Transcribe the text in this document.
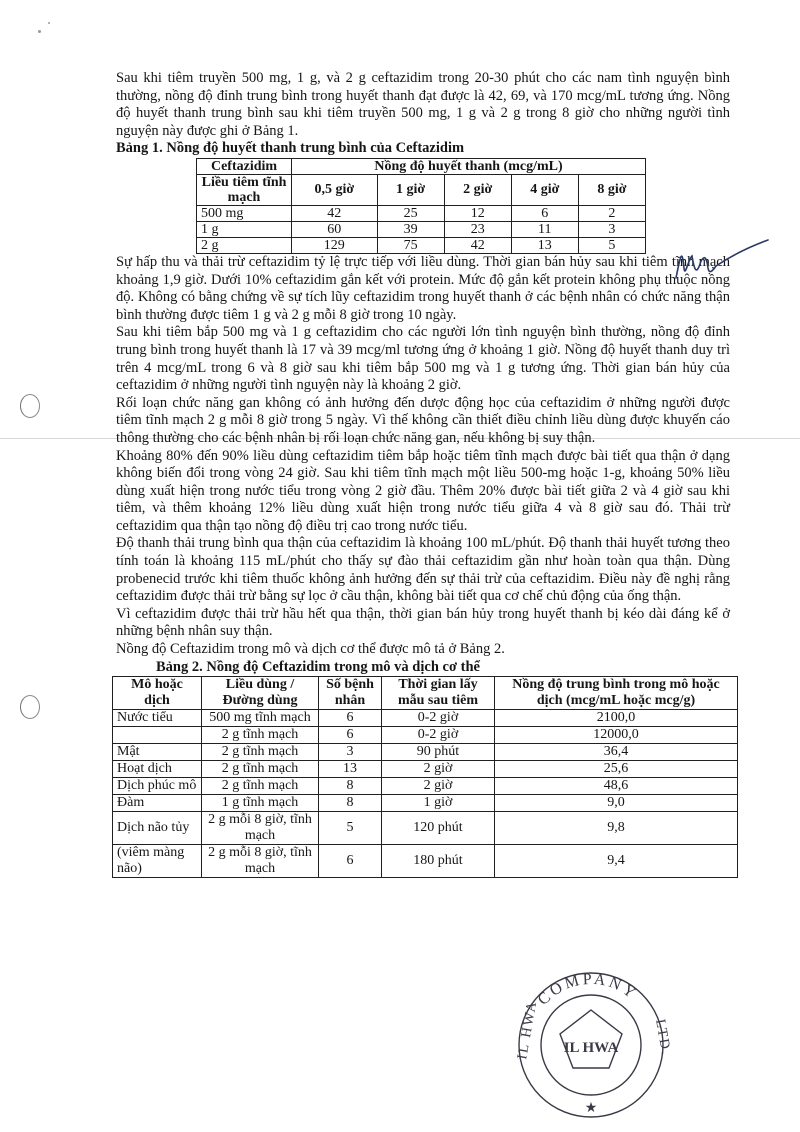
Sau khi tiêm truyền 500 mg, 1 g, và 2 g ceftazidim trong 20-30 phút cho các nam tình nguyện bình thường, nồng độ đỉnh trung bình trong huyết thanh đạt được là 42, 69, và 170 mcg/mL tương ứng. Nồng độ huyết thanh trung bình sau khi tiêm truyền 500 mg, 1 g và 2 g trong 8 giờ cho những người tình nguyện này được ghi ở Bảng 1.

Bảng 1. Nồng độ huyết thanh trung bình của Ceftazidim

Ceftazidim	Nồng độ huyết thanh (mcg/mL)				
Liều tiêm tĩnh mạch	0,5 giờ	1 giờ	2 giờ	4 giờ	8 giờ
500 mg	42	25	12	6	2
1 g	60	39	23	11	3
2 g	129	75	42	13	5

Sự hấp thu và thải trừ ceftazidim tỷ lệ trực tiếp với liều dùng. Thời gian bán hủy sau khi tiêm tĩnh mạch khoảng 1,9 giờ. Dưới 10% ceftazidim gắn kết với protein. Mức độ gắn kết protein không phụ thuộc nồng độ. Không có bằng chứng về sự tích lũy ceftazidim trong huyết thanh ở các bệnh nhân có chức năng thận bình thường được tiêm 1 g và 2 g mỗi 8 giờ trong 10 ngày.

Sau khi tiêm bắp 500 mg và 1 g ceftazidim cho các người lớn tình nguyện bình thường, nồng độ đỉnh trung bình trong huyết thanh là 17 và 39 mcg/ml tương ứng ở khoảng 1 giờ. Nồng độ huyết thanh duy trì trên 4 mcg/mL trong 6 và 8 giờ sau khi tiêm bắp 500 mg và 1 g tương ứng. Thời gian bán hủy của ceftazidim ở những người tình nguyện này là khoảng 2 giờ.

Rối loạn chức năng gan không có ảnh hưởng đến dược động học của ceftazidim ở những người được tiêm tĩnh mạch 2 g mỗi 8 giờ trong 5 ngày. Vì thế không cần thiết điều chỉnh liều dùng được khuyến cáo thông thường cho các bệnh nhân bị rối loạn chức năng gan, nếu không bị suy thận.

Khoảng 80% đến 90% liều dùng ceftazidim tiêm bắp hoặc tiêm tĩnh mạch được bài tiết qua thận ở dạng không biến đổi trong vòng 24 giờ. Sau khi tiêm tĩnh mạch một liều 500-mg hoặc 1-g, khoảng 50% liều dùng xuất hiện trong nước tiểu trong vòng 2 giờ đầu. Thêm 20% được bài tiết giữa 2 và 4 giờ sau khi tiêm, và thêm khoảng 12% liều dùng xuất hiện trong nước tiểu giữa 4 và 8 giờ sau đó. Thải trừ ceftazidim qua thận tạo nồng độ điều trị cao trong nước tiểu.

Độ thanh thải trung bình qua thận của ceftazidim là khoảng 100 mL/phút. Độ thanh thải huyết tương theo tính toán là khoảng 115 mL/phút cho thấy sự đào thải ceftazidim gần như hoàn toàn qua thận. Dùng probenecid trước khi tiêm thuốc không ảnh hưởng đến sự thải trừ của ceftazidim. Điều này đề nghị rằng ceftazidim được thải trừ bằng sự lọc ở cầu thận, không bài tiết qua cơ chế chủ động của ống thận.

Vì ceftazidim được thải trừ hầu hết qua thận, thời gian bán hủy trong huyết thanh bị kéo dài đáng kể ở những bệnh nhân suy thận.

Nồng độ Ceftazidim trong mô và dịch cơ thể được mô tả ở Bảng 2.

Bảng 2. Nồng độ Ceftazidim trong mô và dịch cơ thể

Mô hoặc dịch	Liều dùng /Đường dùng	Số bệnh nhân	Thời gian lấy mẫu sau tiêm	Nồng độ trung bình trong mô hoặc dịch (mcg/mL hoặc mcg/g)
Nước tiểu	500 mg tĩnh mạch	6	0-2 giờ	2100,0
	2 g tĩnh mạch	6	0-2 giờ	12000,0
Mật	2 g tĩnh mạch	3	90 phút	36,4
Hoạt dịch	2 g tĩnh mạch	13	2 giờ	25,6
Dịch phúc mô	2 g tĩnh mạch	8	2 giờ	48,6
Đàm	1 g tĩnh mạch	8	1 giờ	9,0
Dịch não tủy	2 g mỗi 8 giờ, tĩnh mạch	5	120 phút	9,8
(viêm màng não)	2 g mỗi 8 giờ, tĩnh mạch	6	180 phút	9,4
COMPANY
IL HWA	LTD.
IL HWA
★
